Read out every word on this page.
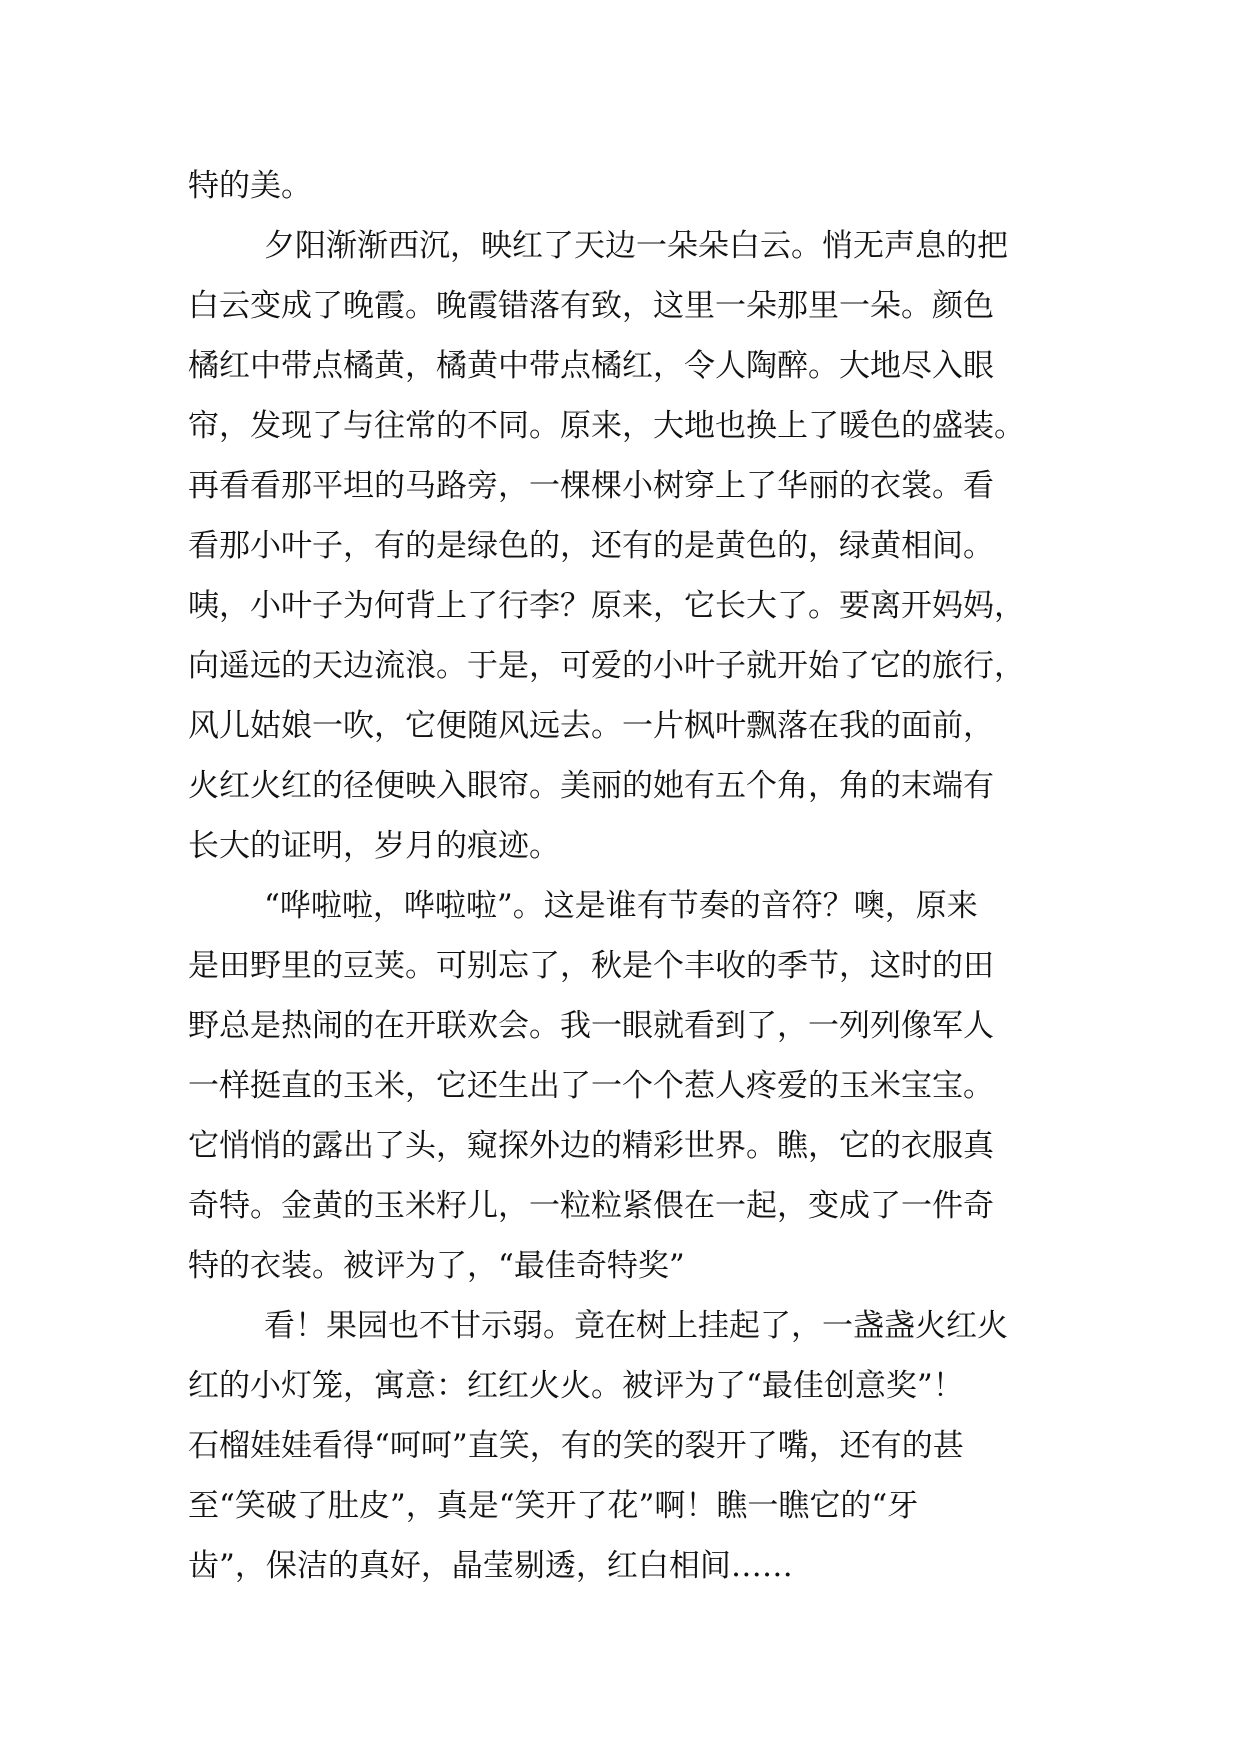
特的美。
夕阳渐渐西沉，映红了天边一朵朵白云。悄无声息的把
白云变成了晚霞。晚霞错落有致，这里一朵那里一朵。颜色
橘红中带点橘黄，橘黄中带点橘红，令人陶醉。大地尽入眼
帘，发现了与往常的不同。原来，大地也换上了暖色的盛装。
再看看那平坦的马路旁，一棵棵小树穿上了华丽的衣裳。看
看那小叶子，有的是绿色的，还有的是黄色的，绿黄相间。
咦，小叶子为何背上了行李？原来，它长大了。要离开妈妈，
向遥远的天边流浪。于是，可爱的小叶子就开始了它的旅行，
风儿姑娘一吹，它便随风远去。一片枫叶飘落在我的面前，
火红火红的径便映入眼帘。美丽的她有五个角，角的末端有
长大的证明，岁月的痕迹。
“哗啦啦，哗啦啦”。这是谁有节奏的音符？噢，原来
是田野里的豆荚。可别忘了，秋是个丰收的季节，这时的田
野总是热闹的在开联欢会。我一眼就看到了，一列列像军人
一样挺直的玉米，它还生出了一个个惹人疼爱的玉米宝宝。
它悄悄的露出了头，窥探外边的精彩世界。瞧，它的衣服真
奇特。金黄的玉米籽儿，一粒粒紧偎在一起，变成了一件奇
特的衣装。被评为了，“最佳奇特奖”
看！果园也不甘示弱。竟在树上挂起了，一盏盏火红火
红的小灯笼，寓意：红红火火。被评为了“最佳创意奖”！
石榴娃娃看得“呵呵”直笑，有的笑的裂开了嘴，还有的甚
至“笑破了肚皮”，真是“笑开了花”啊！瞧一瞧它的“牙
齿”，保洁的真好，晶莹剔透，红白相间……
